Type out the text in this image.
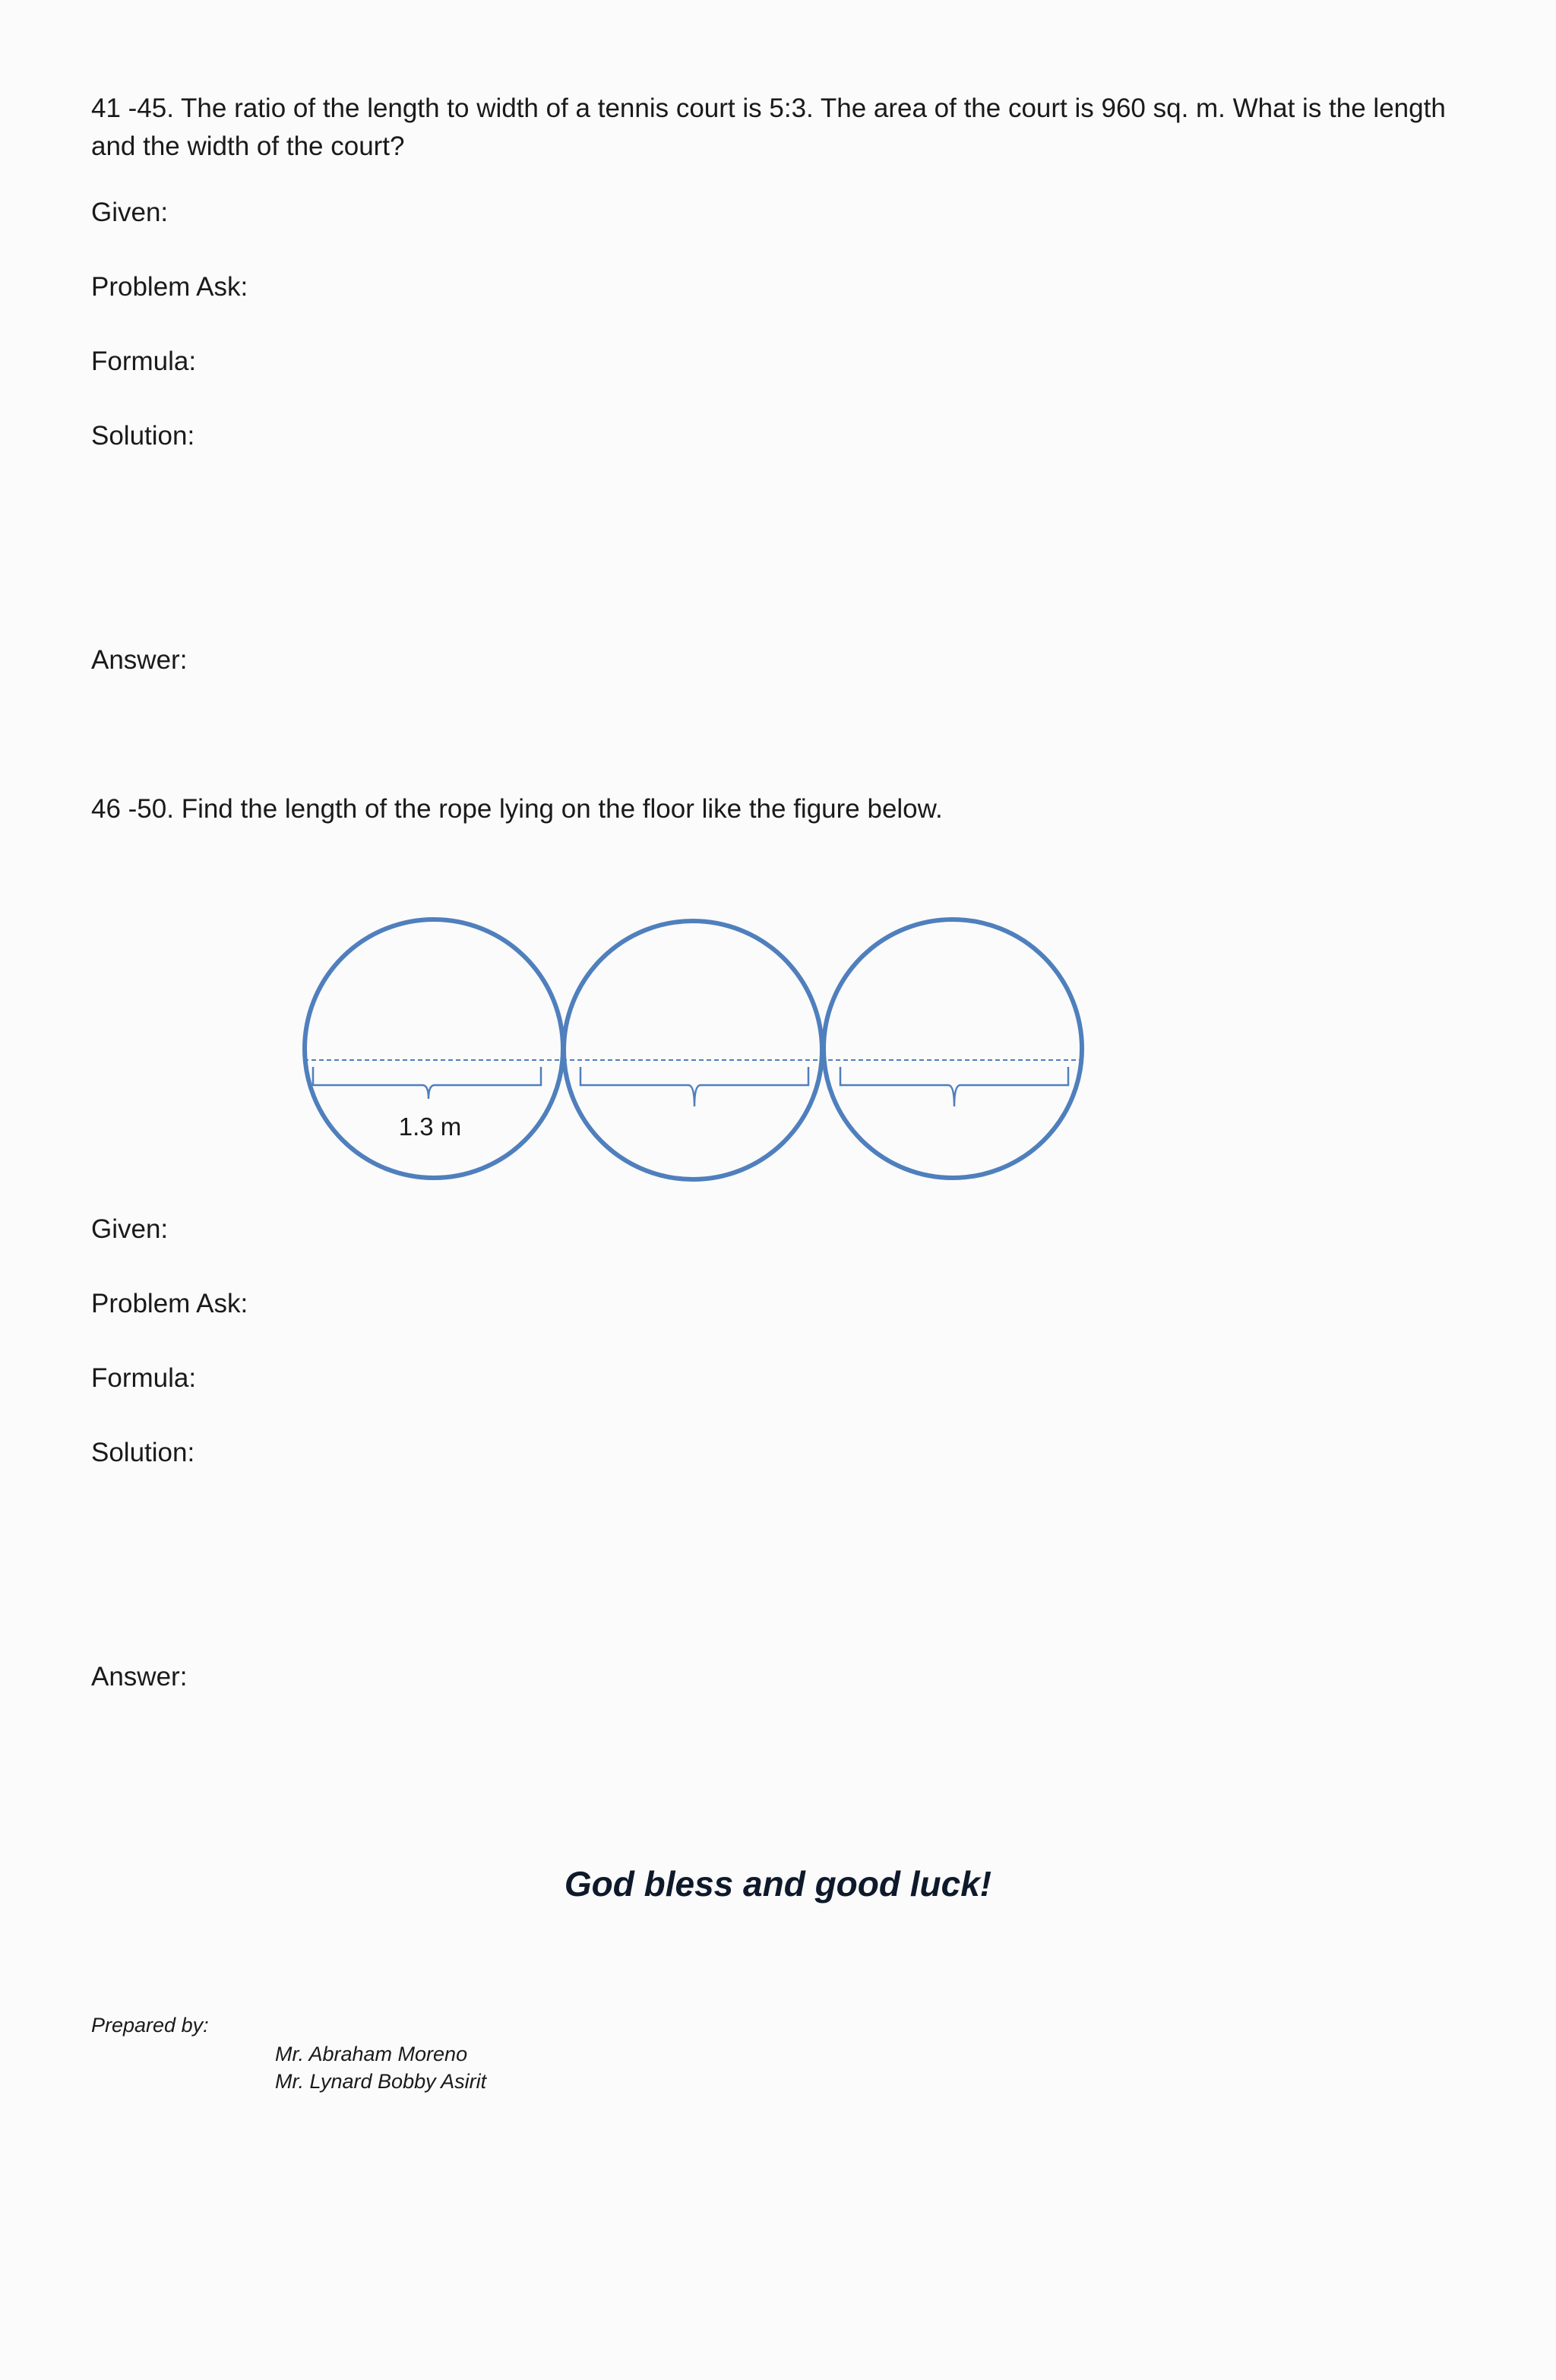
41 -45. The ratio of the length to width of a tennis court is 5:3. The area of the court is 960 sq. m. What is the length and the width of the court?
Given:
Problem Ask:
Formula:
Solution:
Answer:
46 -50. Find the length of the rope lying on the floor like the figure below.
1.3 m
Given:
Problem Ask:
Formula:
Solution:
Answer:
God bless and good luck!
Prepared by:
Mr. Abraham Moreno
Mr. Lynard Bobby Asirit
